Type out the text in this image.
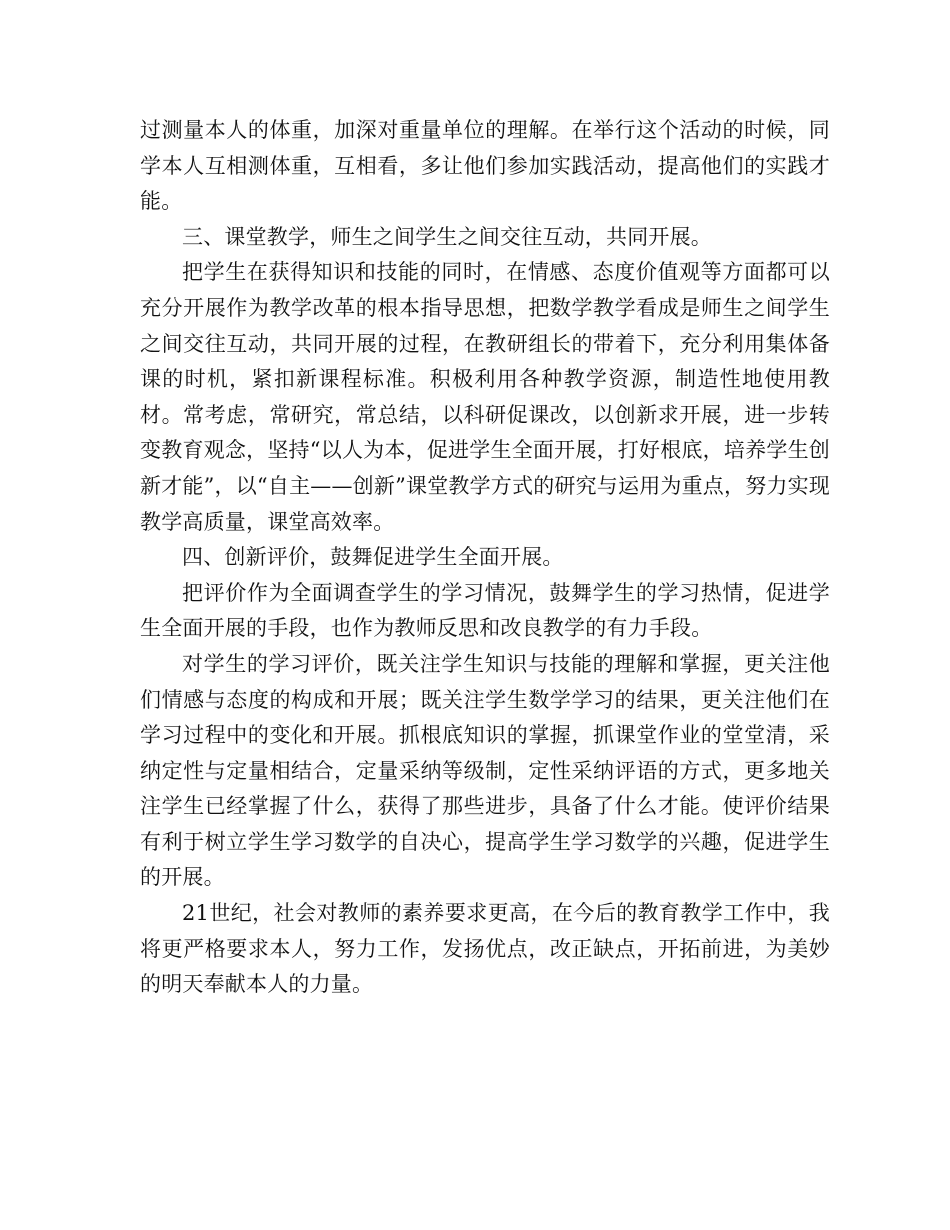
过测量本人的体重，加深对重量单位的理解。在举行这个活动的时候，同学本人互相测体重，互相看，多让他们参加实践活动，提高他们的实践才能。

三、课堂教学，师生之间学生之间交往互动，共同开展。

把学生在获得知识和技能的同时，在情感、态度价值观等方面都可以充分开展作为教学改革的根本指导思想，把数学教学看成是师生之间学生之间交往互动，共同开展的过程，在教研组长的带着下，充分利用集体备课的时机，紧扣新课程标准。积极利用各种教学资源，制造性地使用教材。常考虑，常研究，常总结，以科研促课改，以创新求开展，进一步转变教育观念，坚持“以人为本，促进学生全面开展，打好根底，培养学生创新才能”，以“自主——创新”课堂教学方式的研究与运用为重点，努力实现教学高质量，课堂高效率。

四、创新评价，鼓舞促进学生全面开展。

把评价作为全面调查学生的学习情况，鼓舞学生的学习热情，促进学生全面开展的手段，也作为教师反思和改良教学的有力手段。

对学生的学习评价，既关注学生知识与技能的理解和掌握，更关注他们情感与态度的构成和开展；既关注学生数学学习的结果，更关注他们在学习过程中的变化和开展。抓根底知识的掌握，抓课堂作业的堂堂清，采纳定性与定量相结合，定量采纳等级制，定性采纳评语的方式，更多地关注学生已经掌握了什么，获得了那些进步，具备了什么才能。使评价结果有利于树立学生学习数学的自决心，提高学生学习数学的兴趣，促进学生的开展。

21世纪，社会对教师的素养要求更高，在今后的教育教学工作中，我将更严格要求本人，努力工作，发扬优点，改正缺点，开拓前进，为美妙的明天奉献本人的力量。
